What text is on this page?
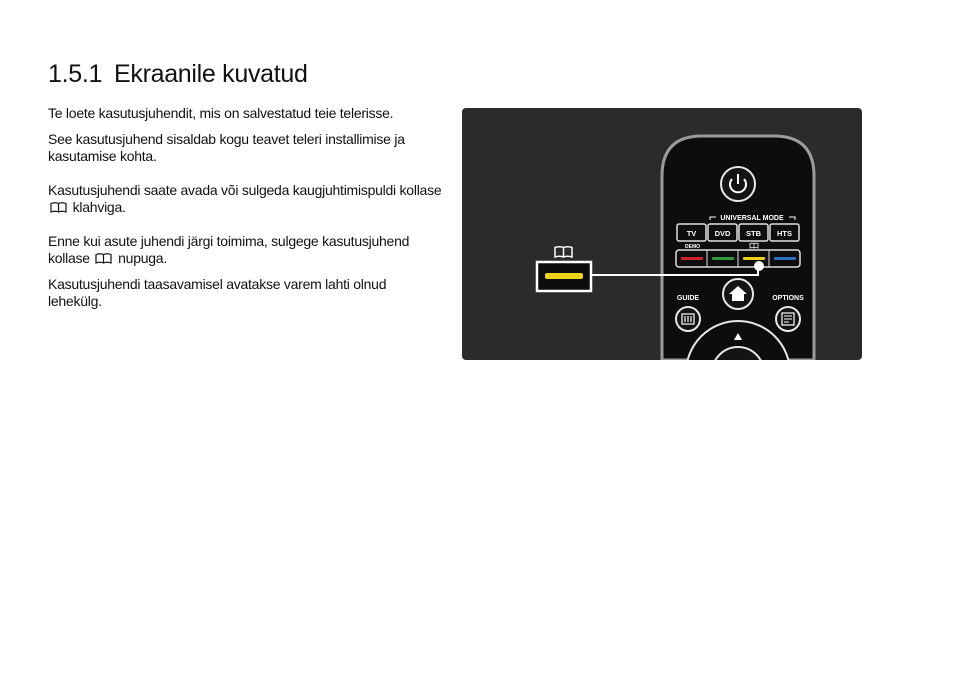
1.5.1 Ekraanile kuvatud

Te loete kasutusjuhendit, mis on salvestatud teie telerisse.

See kasutusjuhend sisaldab kogu teavet teleri installimise ja kasutamise kohta.

Kasutusjuhendi saate avada või sulgeda kaugjuhtimispuldi kollase  klahviga.

Enne kui asute juhendi järgi toimima, sulgege kasutusjuhend kollase nupuga.

Kasutusjuhendi taasavamisel avatakse varem lahti olnud lehekülg.

UNIVERSAL MODE
TV DVD STB HTS
DEMO
GUIDE	OPTIONS
